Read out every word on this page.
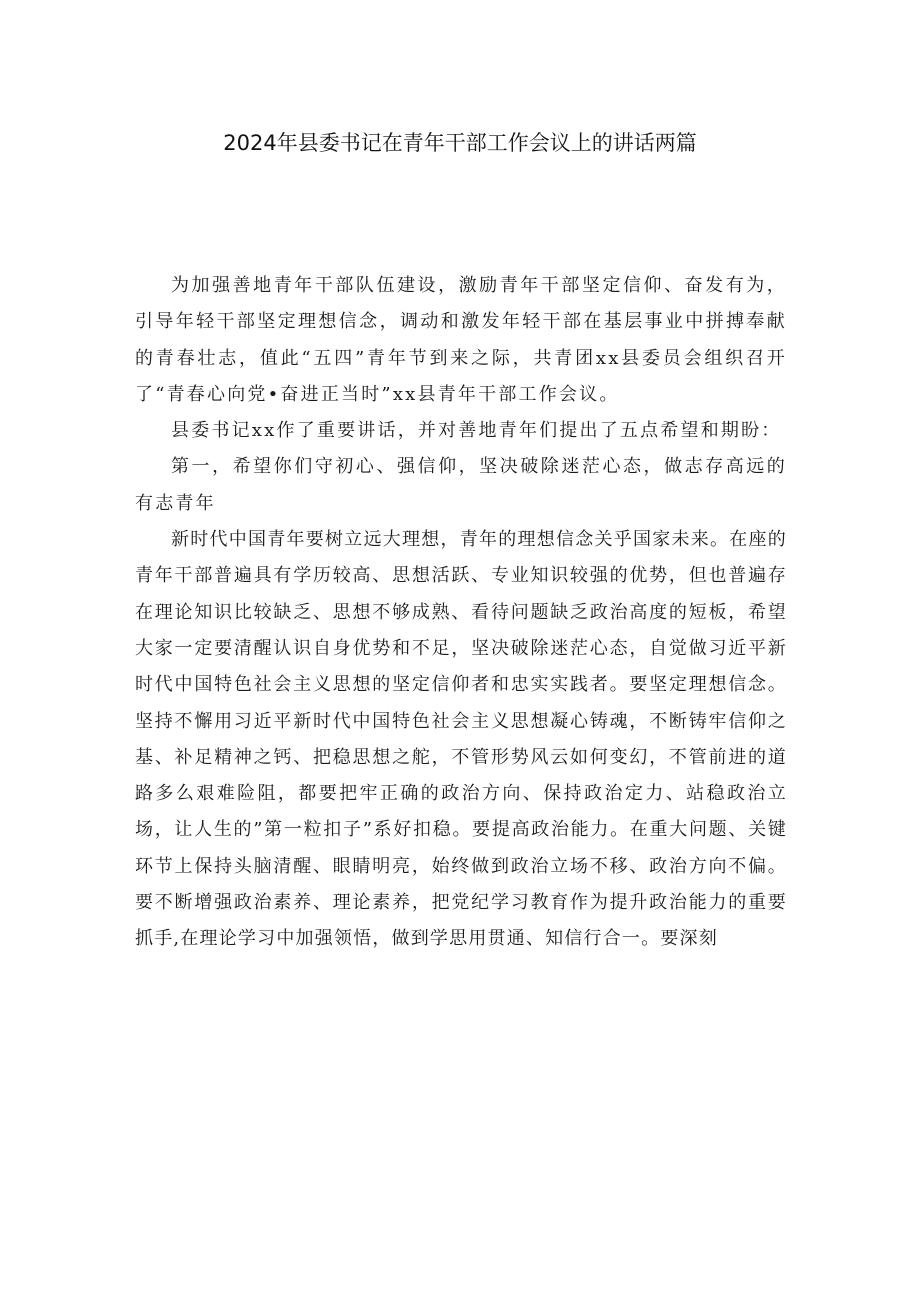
2024年县委书记在青年干部工作会议上的讲话两篇

为加强善地青年干部队伍建设，激励青年干部坚定信仰、奋发有为，引导年轻干部坚定理想信念，调动和激发年轻干部在基层事业中拼搏奉献的青春壮志，值此“五四”青年节到来之际，共青团xx县委员会组织召开了“青春心向党•奋进正当时”xx县青年干部工作会议。

县委书记xx作了重要讲话，并对善地青年们提出了五点希望和期盼：

第一，希望你们守初心、强信仰，坚决破除迷茫心态，做志存高远的有志青年

新时代中国青年要树立远大理想，青年的理想信念关乎国家未来。在座的青年干部普遍具有学历较高、思想活跃、专业知识较强的优势，但也普遍存在理论知识比较缺乏、思想不够成熟、看待问题缺乏政治高度的短板，希望大家一定要清醒认识自身优势和不足，坚决破除迷茫心态，自觉做习近平新时代中国特色社会主义思想的坚定信仰者和忠实实践者。要坚定理想信念。坚持不懈用习近平新时代中国特色社会主义思想凝心铸魂，不断铸牢信仰之基、补足精神之钙、把稳思想之舵，不管形势风云如何变幻，不管前进的道路多么艰难险阻，都要把牢正确的政治方向、保持政治定力、站稳政治立场，让人生的”第一粒扣子”系好扣稳。要提高政治能力。在重大问题、关键环节上保持头脑清醒、眼睛明亮，始终做到政治立场不移、政治方向不偏。要不断增强政治素养、理论素养，把党纪学习教育作为提升政治能力的重要抓手,在理论学习中加强领悟，做到学思用贯通、知信行合一。要深刻
